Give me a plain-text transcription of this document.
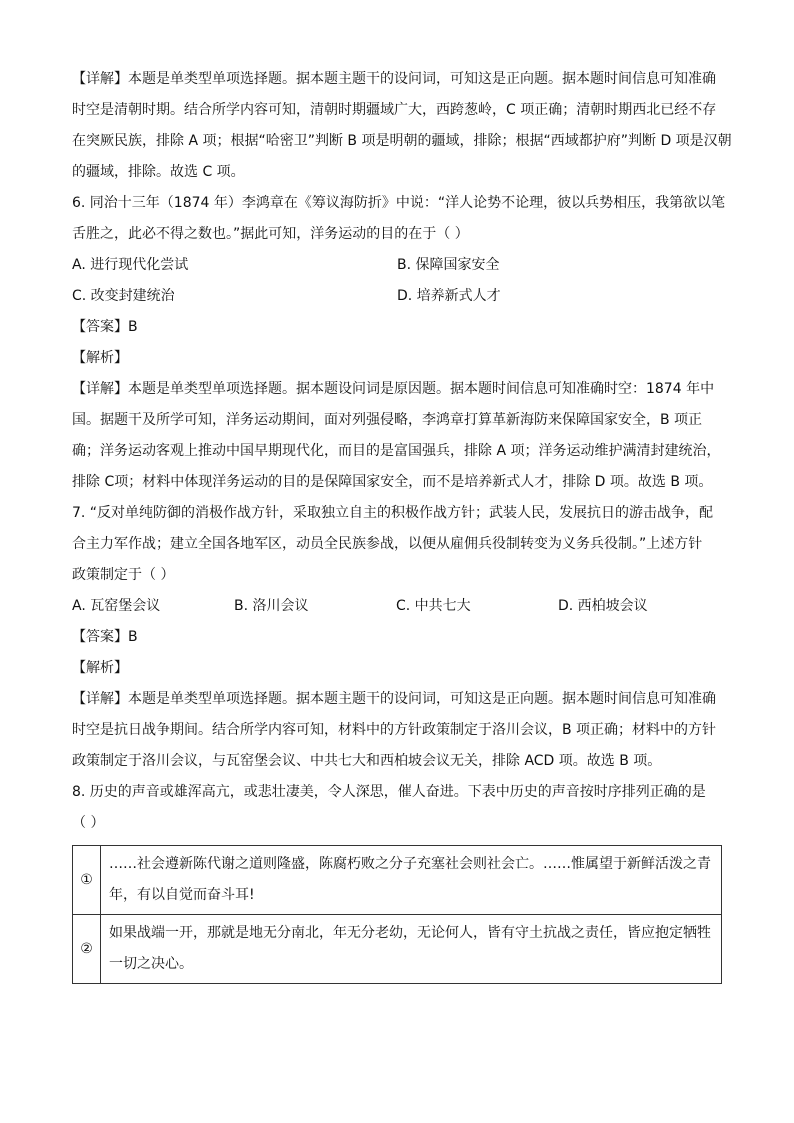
【详解】本题是单类型单项选择题。据本题主题干的设问词，可知这是正向题。据本题时间信息可知准确
时空是清朝时期。结合所学内容可知，清朝时期疆域广大，西跨葱岭，C 项正确；清朝时期西北已经不存
在突厥民族，排除 A 项；根据“哈密卫”判断 B 项是明朝的疆域，排除；根据“西域都护府”判断 D 项是汉朝
的疆域，排除。故选 C 项。
6. 同治十三年（1874 年）李鸿章在《筹议海防折》中说：“洋人论势不论理，彼以兵势相压，我第欲以笔
舌胜之，此必不得之数也。”据此可知，洋务运动的目的在于（ ）
A. 进行现代化尝试	B. 保障国家安全
C. 改变封建统治	D. 培养新式人才
【答案】B
【解析】
【详解】本题是单类型单项选择题。据本题设问词是原因题。据本题时间信息可知准确时空：1874 年中
国。据题干及所学可知，洋务运动期间，面对列强侵略，李鸿章打算革新海防来保障国家安全，B 项正
确；洋务运动客观上推动中国早期现代化，而目的是富国强兵，排除 A 项；洋务运动维护满清封建统治，
排除 C项；材料中体现洋务运动的目的是保障国家安全，而不是培养新式人才，排除 D 项。故选 B 项。
7. “反对单纯防御的消极作战方针，采取独立自主的积极作战方针；武装人民，发展抗日的游击战争，配
合主力军作战；建立全国各地军区，动员全民族参战，以便从雇佣兵役制转变为义务兵役制。”上述方针
政策制定于（ ）
A. 瓦窑堡会议	B. 洛川会议	C. 中共七大	D. 西柏坡会议
【答案】B
【解析】
【详解】本题是单类型单项选择题。据本题主题干的设问词，可知这是正向题。据本题时间信息可知准确
时空是抗日战争期间。结合所学内容可知，材料中的方针政策制定于洛川会议，B 项正确；材料中的方针
政策制定于洛川会议，与瓦窑堡会议、中共七大和西柏坡会议无关，排除 ACD 项。故选 B 项。
8. 历史的声音或雄浑高亢，或悲壮凄美，令人深思，催人奋进。下表中历史的声音按时序排列正确的是
（ ）
①	……社会遵新陈代谢之道则隆盛，陈腐朽败之分子充塞社会则社会亡。……惟属望于新鲜活泼之青
年，有以自觉而奋斗耳!

②	如果战端一开，那就是地无分南北，年无分老幼，无论何人，皆有守土抗战之责任，皆应抱定牺牲
一切之决心。
